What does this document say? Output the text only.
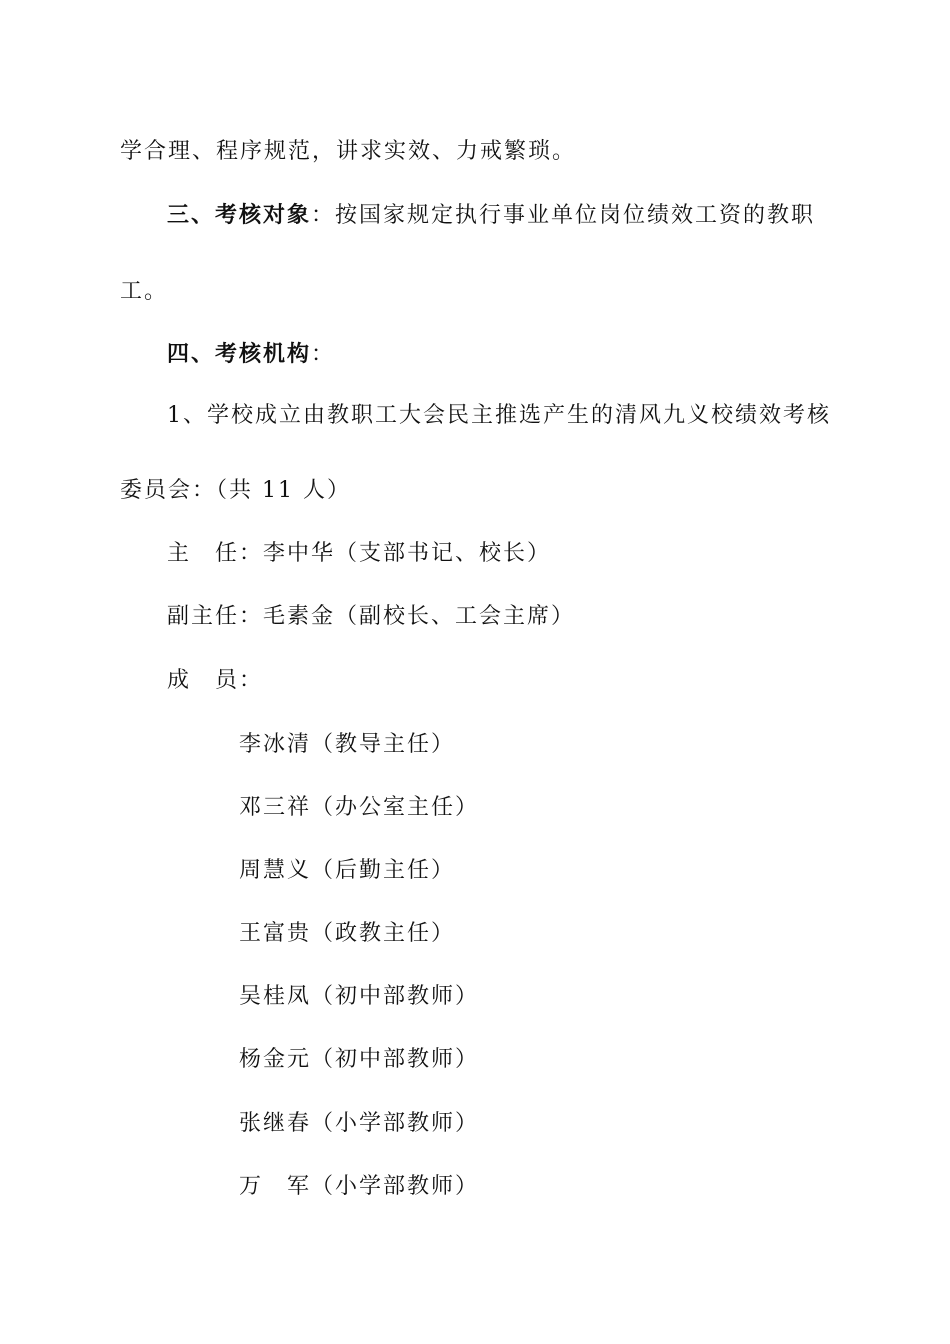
学合理、程序规范，讲求实效、力戒繁琐。
三、考核对象：按国家规定执行事业单位岗位绩效工资的教职
工。
四、考核机构：
1、学校成立由教职工大会民主推选产生的清风九义校绩效考核
委员会：（共 11 人）
主　任：李中华（支部书记、校长）
副主任：毛素金（副校长、工会主席）
成　员：
李冰清（教导主任）
邓三祥（办公室主任）
周慧义（后勤主任）
王富贵（政教主任）
吴桂凤（初中部教师）
杨金元（初中部教师）
张继春（小学部教师）
万　军（小学部教师）
